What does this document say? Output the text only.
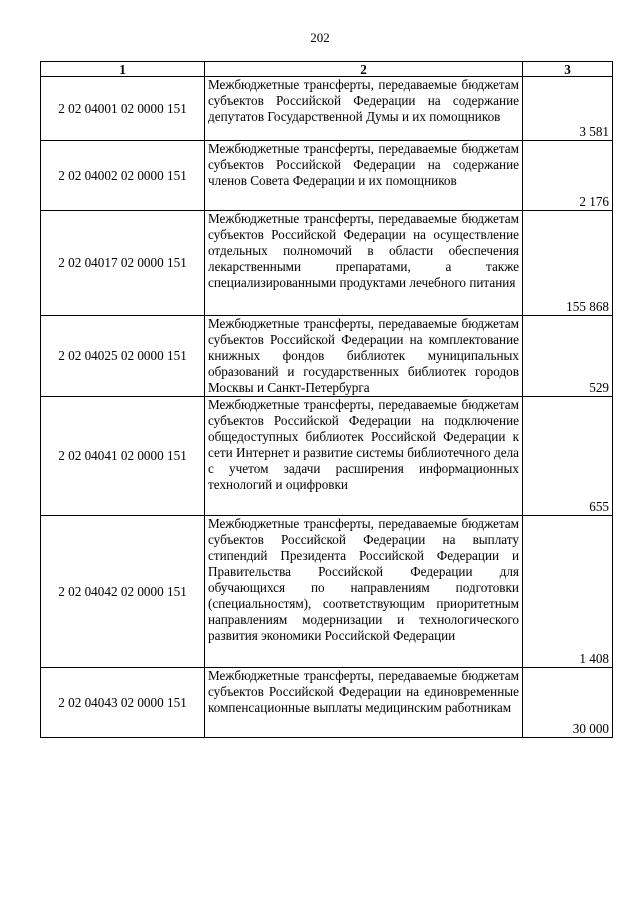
202
1	2	3
2 02 04001 02 0000 151	Межбюджетные трансферты, передаваемые бюджетам субъектов Российской Федерации на содержание депутатов Государственной Думы и их помощников	3 581
2 02 04002 02 0000 151	Межбюджетные трансферты, передаваемые бюджетам субъектов Российской Федерации на содержание членов Совета Федерации и их помощников	2 176
2 02 04017 02 0000 151	Межбюджетные трансферты, передаваемые бюджетам субъектов Российской Федерации на осуществление отдельных полномочий в области обеспечения лекарственными препаратами, а также специализированными продуктами лечебного питания	155 868
2 02 04025 02 0000 151	Межбюджетные трансферты, передаваемые бюджетам субъектов Российской Федерации на комплектование книжных фондов библиотек муниципальных образований и государственных библиотек городов Москвы и Санкт-Петербурга	529
2 02 04041 02 0000 151	Межбюджетные трансферты, передаваемые бюджетам субъектов Российской Федерации на подключение общедоступных библиотек Российской Федерации к сети Интернет и развитие системы библиотечного дела с учетом задачи расширения информационных технологий и оцифровки	655
2 02 04042 02 0000 151	Межбюджетные трансферты, передаваемые бюджетам субъектов Российской Федерации на выплату стипендий Президента Российской Федерации и Правительства Российской Федерации для обучающихся по направлениям подготовки (специальностям), соответствующим приоритетным направлениям модернизации и технологического развития экономики Российской Федерации	1 408
2 02 04043 02 0000 151	Межбюджетные трансферты, передаваемые бюджетам субъектов Российской Федерации на единовременные компенсационные выплаты медицинским работникам	30 000
